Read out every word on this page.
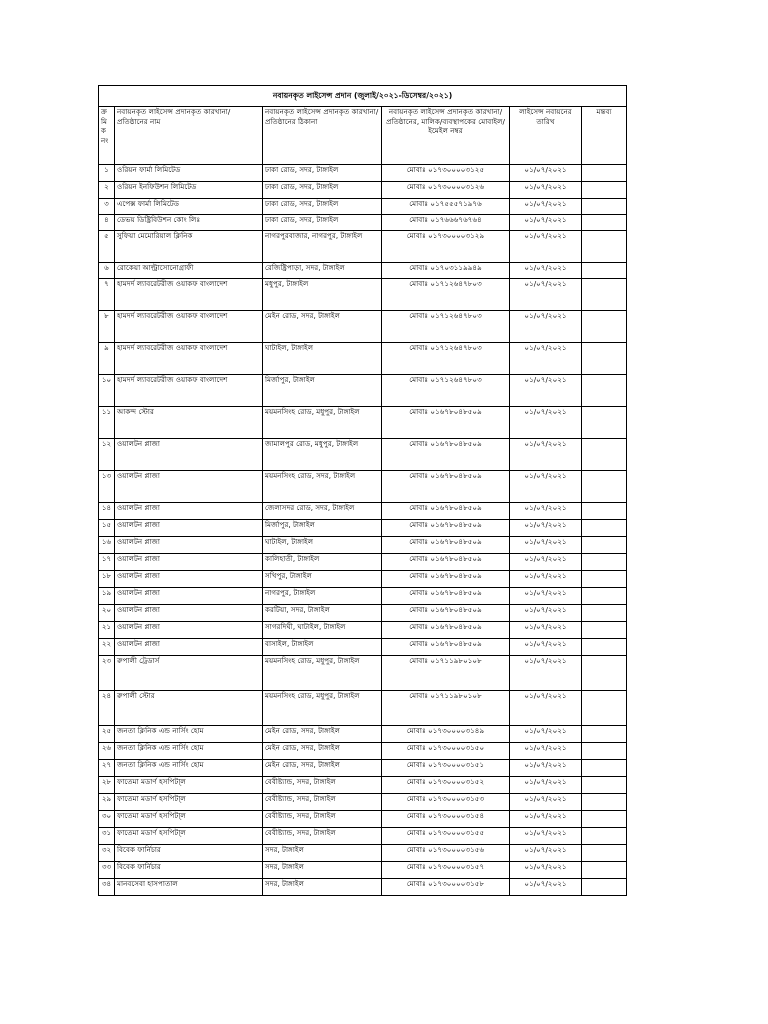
নবায়নকৃত লাইসেন্স প্রদান (জুলাই/২০২১-ডিসেম্বর/২০২১)					
ক্রমি ক নং	নবায়নকৃত লাইসেন্স প্রদানকৃত কারখানা/প্রতিষ্ঠানের নাম	নবায়নকৃত লাইসেন্স প্রদানকৃত কারখানা/প্রতিষ্ঠানের ঠিকানা	নবায়নকৃত লাইসেন্স প্রদানকৃত কারখানা/প্রতিষ্ঠানের, মালিক/ব্যবস্থাপকের মোবাইল/ইমেইল নম্বর	লাইসেন্স নবায়নের তারিখ	মন্তব্য
১	ওরিয়ন ফার্মা লিমিটেড	ঢাকা রোড, সদর, টাঙ্গাইল	মোবাঃ ০১৭৩০০০০৩১২৫	০১/০৭/২০২১	
২	ওরিয়ন ইনফিউশন লিমিটেড	ঢাকা রোড, সদর, টাঙ্গাইল	মোবাঃ ০১৭৩০০০০৩১২৬	০১/০৭/২০২১	
৩	এপেক্স ফার্মা লিমিটেড	ঢাকা রোড, সদর, টাঙ্গাইল	মোবাঃ ০১৭৫৫৫৭১৯৭৬	০১/০৭/২০২১	
৪	ডেভয় ডিষ্ট্রিবিউশন কোং লিঃ	ঢাকা রোড, সদর, টাঙ্গাইল	মোবাঃ ০১৭৬৬৬৭৬৭৬৪	০১/০৭/২০২১	
৫	সুফিয়া মেমোরিয়াল ক্লিনিক	নাগরপুরবাজার, নাগরপুর, টাঙ্গাইল	মোবাঃ ০১৭৩০০০০৩১২৯	০১/০৭/২০২১	
৬	রোকেয়া আল্ট্রাসোনোগ্রাফী	রেজিষ্ট্রিপাড়া, সদর, টাঙ্গাইল	মোবাঃ ০১৭০৩১১৯৯৪৯	০১/০৭/২০২১	
৭	হামদর্দ ল্যাবরেটরীজ ওয়াকফ বাংলাদেশ	মধুপুর, টাঙ্গাইল	মোবাঃ ০১৭১২৬৪৭৮০৩	০১/০৭/২০২১	
৮	হামদর্দ ল্যাবরেটরীজ ওয়াকফ বাংলাদেশ	মেইন রোড, সদর, টাঙ্গাইল	মোবাঃ ০১৭১২৬৪৭৮০৩	০১/০৭/২০২১	
৯	হামদর্দ ল্যাবরেটরীজ ওয়াকফ বাংলাদেশ	ঘাটাইল, টাঙ্গাইল	মোবাঃ ০১৭১২৬৪৭৮০৩	০১/০৭/২০২১	
১০	হামদর্দ ল্যাবরেটরীজ ওয়াকফ বাংলাদেশ	মির্জাপুর, টাঙ্গাইল	মোবাঃ ০১৭১২৬৪৭৮০৩	০১/০৭/২০২১	
১১	আকন্দ স্টোর	ময়মনসিংহ রোড, মধুপুর, টাঙ্গাইল	মোবাঃ ০১৬৭৮০৪৮৫০৯	০১/০৭/২০২১	
১২	ওয়ালটন প্লাজা	জামালপুর রোড, মধুপুর, টাঙ্গাইল	মোবাঃ ০১৬৭৮০৪৮৫০৯	০১/০৭/২০২১	
১৩	ওয়ালটন প্লাজা	ময়মনসিংহ রোড, সদর, টাঙ্গাইল	মোবাঃ ০১৬৭৮০৪৮৫০৯	০১/০৭/২০২১	
১৪	ওয়ালটন প্লাজা	জেলাসদর রোড, সদর, টাঙ্গাইল	মোবাঃ ০১৬৭৮০৪৮৫০৯	০১/০৭/২০২১	
১৫	ওয়ালটন প্লাজা	মির্জাপুর, টাঙ্গাইল	মোবাঃ ০১৬৭৮০৪৮৫০৯	০১/০৭/২০২১	
১৬	ওয়ালটন প্লাজা	ঘাটাইল, টাঙ্গাইল	মোবাঃ ০১৬৭৮০৪৮৫০৯	০১/০৭/২০২১	
১৭	ওয়ালটন প্লাজা	কালিহাতী, টাঙ্গাইল	মোবাঃ ০১৬৭৮০৪৮৫০৯	০১/০৭/২০২১	
১৮	ওয়ালটন প্লাজা	সখিপুর, টাঙ্গাইল	মোবাঃ ০১৬৭৮০৪৮৫০৯	০১/০৭/২০২১	
১৯	ওয়ালটন প্লাজা	নাগরপুর, টাঙ্গাইল	মোবাঃ ০১৬৭৮০৪৮৫০৯	০১/০৭/২০২১	
২০	ওয়ালটন প্লাজা	করটিয়া, সদর, টাঙ্গাইল	মোবাঃ ০১৬৭৮০৪৮৫০৯	০১/০৭/২০২১	
২১	ওয়ালটন প্লাজা	সাগরদিঘী, ঘাটাইল, টাঙ্গাইল	মোবাঃ ০১৬৭৮০৪৮৫০৯	০১/০৭/২০২১	
২২	ওয়ালটন প্লাজা	বাসাইল, টাঙ্গাইল	মোবাঃ ০১৬৭৮০৪৮৫০৯	০১/০৭/২০২১	
২৩	রুপালী ট্রেডার্স	ময়মনসিংহ রোড, মধুপুর, টাঙ্গাইল	মোবাঃ ০১৭১১৯৮০১০৮	০১/০৭/২০২১	
২৪	রুপালী স্টোর	ময়মনসিংহ রোড, মধুপুর, টাঙ্গাইল	মোবাঃ ০১৭১১৯৮০১০৮	০১/০৭/২০২১	
২৫	জনতা ক্লিনিক এন্ড নার্সিং হোম	মেইন রোড, সদর, টাঙ্গাইল	মোবাঃ ০১৭৩০০০০৩১৪৯	০১/০৭/২০২১	
২৬	জনতা ক্লিনিক এন্ড নার্সিং হোম	মেইন রোড, সদর, টাঙ্গাইল	মোবাঃ ০১৭৩০০০০৩১৫০	০১/০৭/২০২১	
২৭	জনতা ক্লিনিক এন্ড নার্সিং হোম	মেইন রোড, সদর, টাঙ্গাইল	মোবাঃ ০১৭৩০০০০৩১৫১	০১/০৭/২০২১	
২৮	ফাতেমা মডার্ণ হসপিটা্ল	বেবীষ্ট্যান্ড, সদর, টাঙ্গাইল	মোবাঃ ০১৭৩০০০০৩১৫২	০১/০৭/২০২১	
২৯	ফাতেমা মডার্ণ হসপিটা্ল	বেবীষ্ট্যান্ড, সদর, টাঙ্গাইল	মোবাঃ ০১৭৩০০০০৩১৫৩	০১/০৭/২০২১	
৩০	ফাতেমা মডার্ণ হসপিটা্ল	বেবীষ্ট্যান্ড, সদর, টাঙ্গাইল	মোবাঃ ০১৭৩০০০০৩১৫৪	০১/০৭/২০২১	
৩১	ফাতেমা মডার্ণ হসপিটা্ল	বেবীষ্ট্যান্ড, সদর, টাঙ্গাইল	মোবাঃ ০১৭৩০০০০৩১৫৫	০১/০৭/২০২১	
৩২	বিবেক ফার্নিচার	সদর, টাঙ্গাইল	মোবাঃ ০১৭৩০০০০৩১৫৬	০১/০৭/২০২১	
৩৩	বিবেক ফার্নিচার	সদর, টাঙ্গাইল	মোবাঃ ০১৭৩০০০০৩১৫৭	০১/০৭/২০২১	
৩৪	মানবসেবা হাসপাতাল	সদর, টাঙ্গাইল	মোবাঃ ০১৭৩০০০০৩১৫৮	০১/০৭/২০২১	
